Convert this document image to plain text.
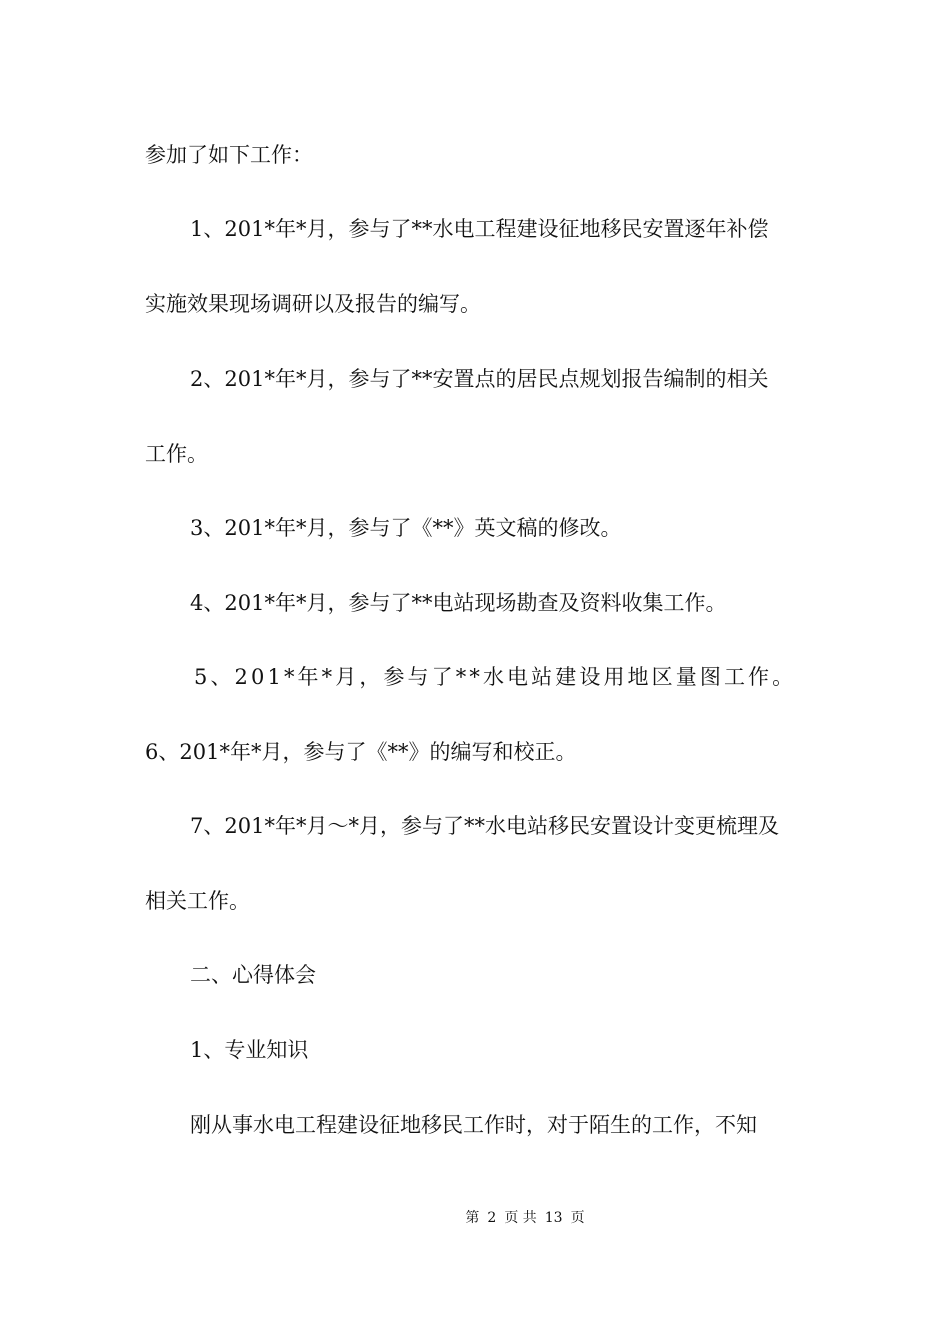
参加了如下工作：
1、201*年*月，参与了**水电工程建设征地移民安置逐年补偿
实施效果现场调研以及报告的编写。
2、201*年*月，参与了**安置点的居民点规划报告编制的相关
工作。
3、201*年*月，参与了《**》英文稿的修改。
4、201*年*月，参与了**电站现场勘查及资料收集工作。
5、201*年*月，参与了**水电站建设用地区量图工作。
6、201*年*月，参与了《**》的编写和校正。
7、201*年*月～*月，参与了**水电站移民安置设计变更梳理及
相关工作。
二、心得体会
1、专业知识
刚从事水电工程建设征地移民工作时，对于陌生的工作，不知
第 2 页 共 13 页
